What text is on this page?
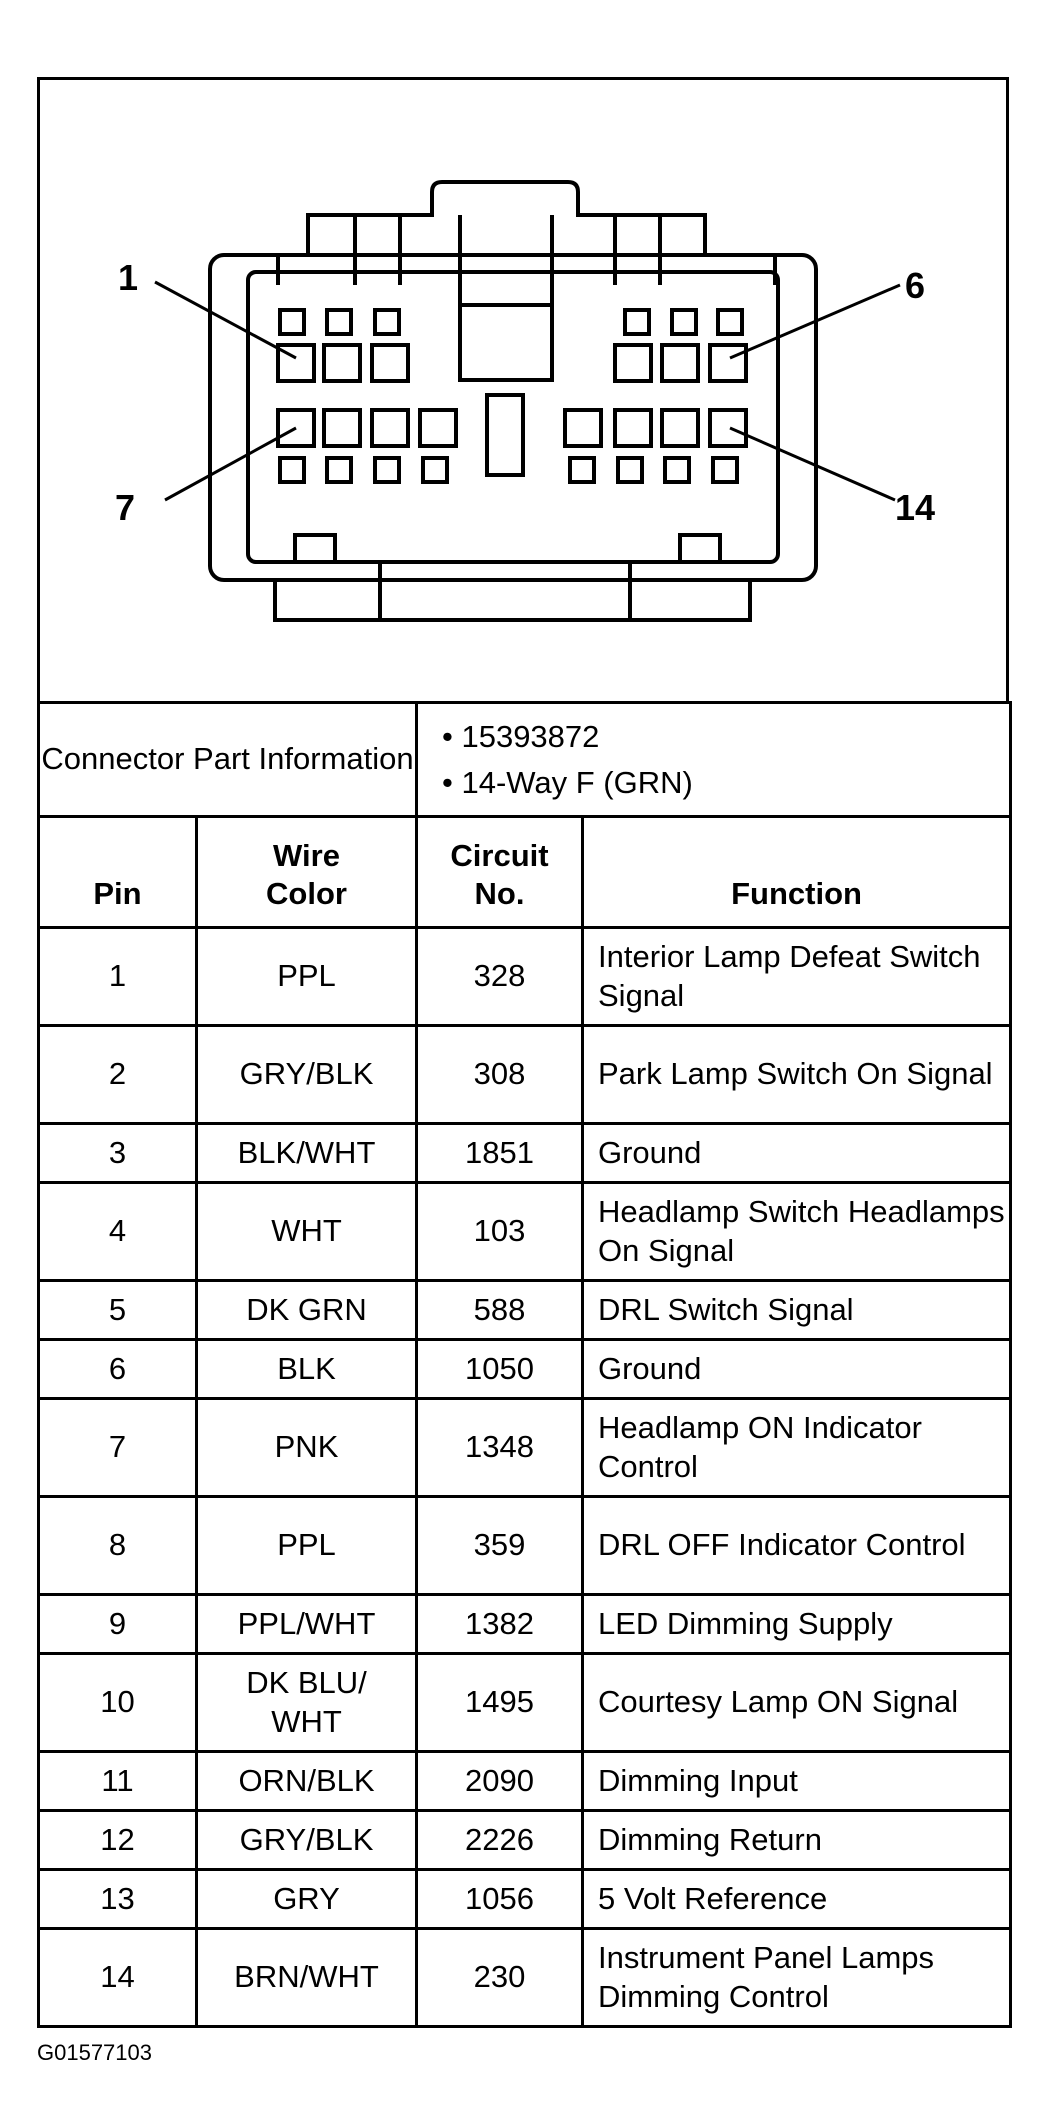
1	6
7	14
Connector Part Information		• 15393872
• 14-Way F (GRN)	

Pin	Wire Color	Circuit No.	Function
1	PPL	328	Interior Lamp Defeat Switch Signal
2	GRY/BLK	308	Park Lamp Switch On Signal
3	BLK/WHT	1851	Ground
4	WHT	103	Headlamp Switch Headlamps On Signal
5	DK GRN	588	DRL Switch Signal
6	BLK	1050	Ground
7	PNK	1348	Headlamp ON Indicator Control
8	PPL	359	DRL OFF Indicator Control
9	PPL/WHT	1382	LED Dimming Supply
10	DK BLU/ WHT	1495	Courtesy Lamp ON Signal
11	ORN/BLK	2090	Dimming Input
12	GRY/BLK	2226	Dimming Return
13	GRY	1056	5 Volt Reference
14	BRN/WHT	230	Instrument Panel Lamps Dimming Control
G01577103
